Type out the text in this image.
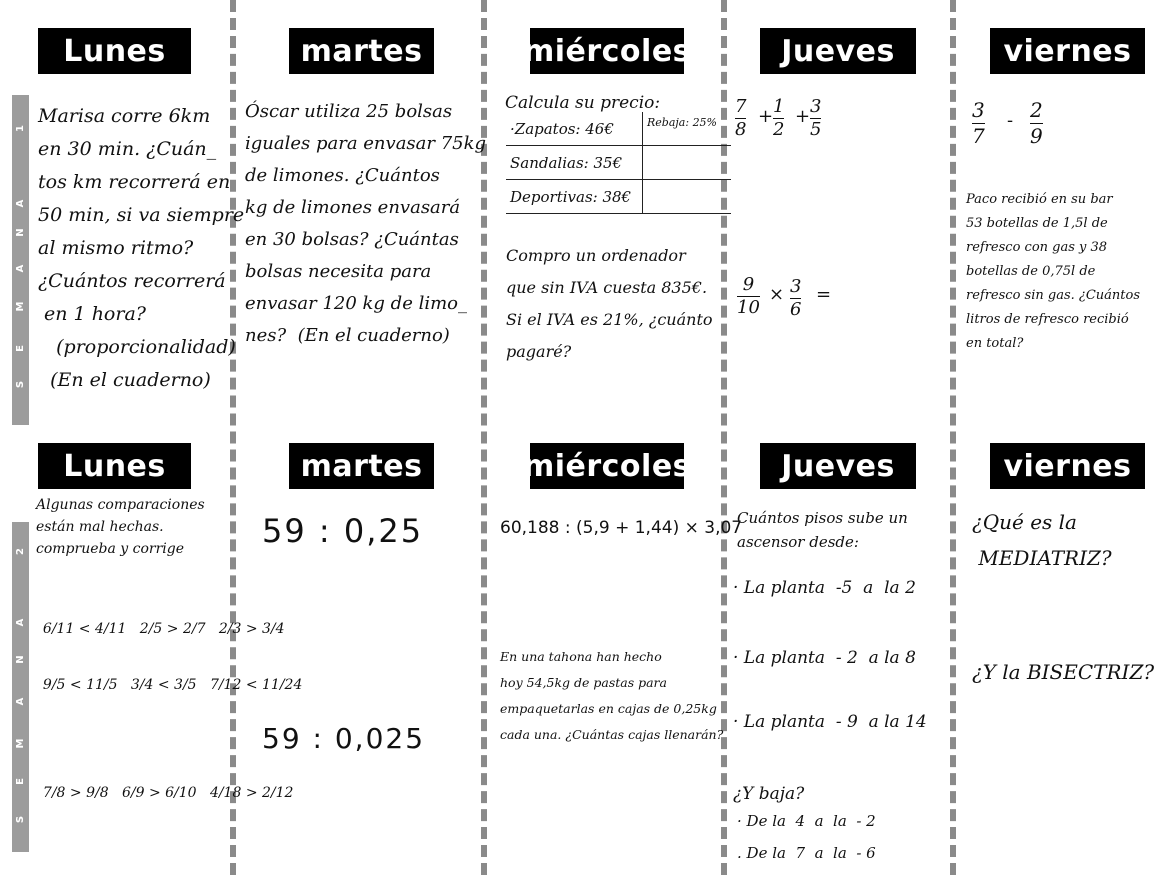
Lunes	martes	miércoles	Jueves	viernes
1
A
N
A
M
E
S
Marisa corre 6km
en 30 min. ¿Cuán_
tos km recorrerá en
50 min, si va siempre
al mismo ritmo?
¿Cuántos recorrerá
en 1 hora?
(proporcionalidad)
(En el cuaderno)
Óscar utiliza 25 bolsas
iguales para envasar 75kg
de limones. ¿Cuántos
kg de limones envasará
en 30 bolsas? ¿Cuántas
bolsas necesita para
envasar 120 kg de limo_
nes?  (En el cuaderno)
Calcula su precio:
·Zapatos: 46€	Rebaja: 25%
Sandalias: 35€	
Deportivas: 38€	
Compro un ordenador
que sin IVA cuesta 835€.
Si el IVA es 21%, ¿cuánto
pagaré?
7
8
+ 1
2
+ 3
5
9
10
× 3
6
=
3
7
- 2
9
Paco recibió en su bar
53 botellas de 1,5l de
refresco con gas y 38
botellas de 0,75l de
refresco sin gas. ¿Cuántos
litros de refresco recibió
en total?
Lunes	martes	miércoles	Jueves	viernes
2
A
N
A
M
E
S
Algunas comparaciones
están mal hechas.
comprueba y corrige

6/11 < 4/11 2/5 > 2/7 2/3 > 3/4

9/5 < 11/5 3/4 < 3/5 7/12 < 11/24

7/8 > 9/8 6/9 > 6/10 4/18 > 2/12

59 : 0,25
59 : 0,025
60,188 : (5,9 + 1,44) × 3,07
En una tahona han hecho
hoy 54,5kg de pastas para
empaquetarlas en cajas de 0,25kg
cada una. ¿Cuántas cajas llenarán?
Cuántos pisos sube un
ascensor desde:
· La planta  -5  a  la 2
· La planta  - 2  a la 8
· La planta  - 9  a la 14
¿Y baja?
· De la  4  a  la  - 2
. De la  7  a  la  - 6
¿Qué es la
MEDIATRIZ?
¿Y la BISECTRIZ?
